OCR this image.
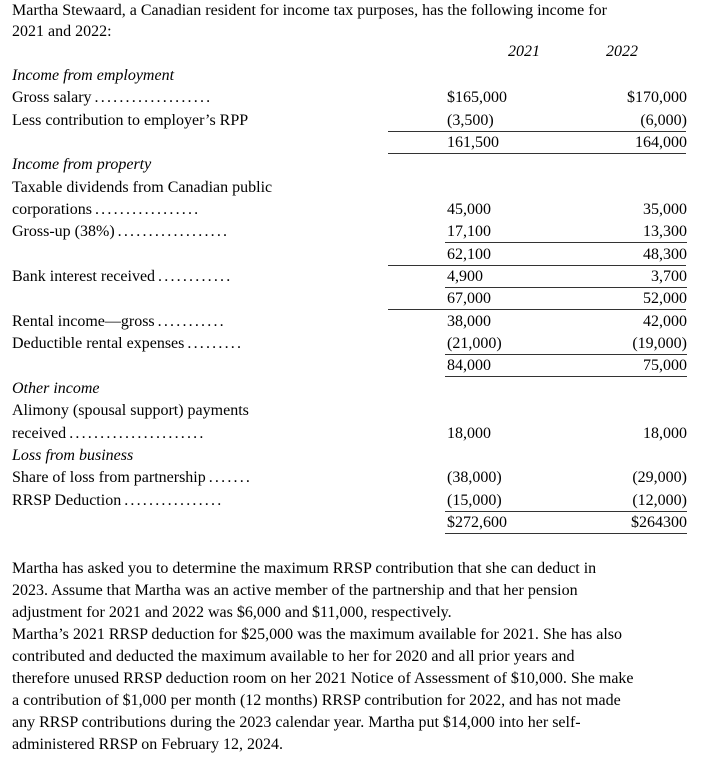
Martha Stewaard, a Canadian resident for income tax purposes, has the following income for
2021 and 2022:
2021	2022
Income from employment
Gross salary ...................	$165,000	$170,000
Less contribution to employer’s RPP	(3,500)	(6,000)
161,500	164,000
Income from property
Taxable dividends from Canadian public
corporations .................	45,000	35,000
Gross-up (38%) ..................	17,100	13,300
62,100	48,300
Bank interest received ............	4,900	3,700
67,000	52,000
Rental income—gross ...........	38,000	42,000
Deductible rental expenses .........	(21,000)	(19,000)
84,000	75,000
Other income
Alimony (spousal support) payments
received ......................	18,000	18,000
Loss from business
Share of loss from partnership .......	(38,000)	(29,000)
RRSP Deduction ................	(15,000)	(12,000)
$272,600	$264300
Martha has asked you to determine the maximum RRSP contribution that she can deduct in
2023. Assume that Martha was an active member of the partnership and that her pension
adjustment for 2021 and 2022 was $6,000 and $11,000, respectively.
Martha’s 2021 RRSP deduction for $25,000 was the maximum available for 2021. She has also
contributed and deducted the maximum available to her for 2020 and all prior years and
therefore unused RRSP deduction room on her 2021 Notice of Assessment of $10,000. She make
a contribution of $1,000 per month (12 months) RRSP contribution for 2022, and has not made
any RRSP contributions during the 2023 calendar year. Martha put $14,000 into her self-
administered RRSP on February 12, 2024.
